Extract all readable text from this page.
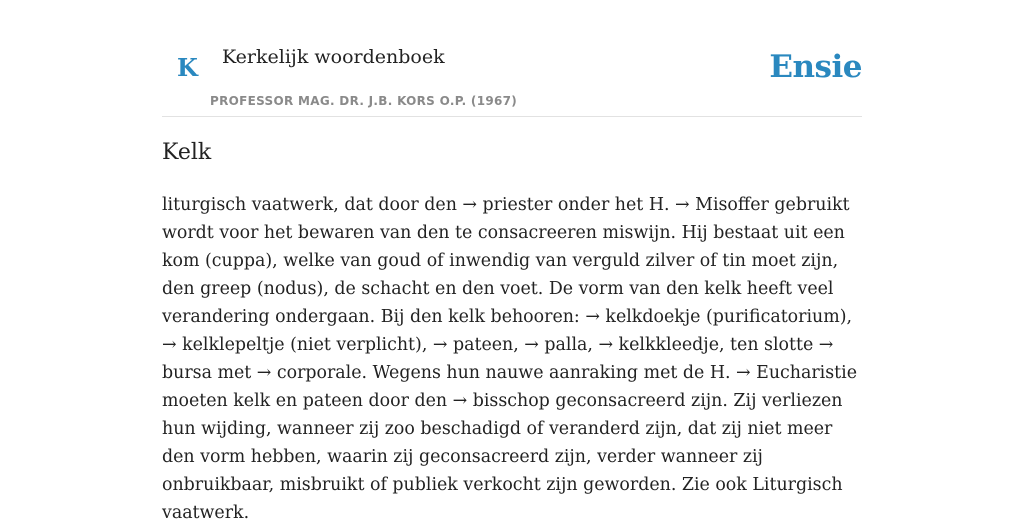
K Kerkelijk woordenboek
PROFESSOR MAG. DR. J.B. KORS O.P. (1967)
Ensie
Kelk
liturgisch vaatwerk, dat door den → priester onder het H. → Misoffer gebruikt wordt voor het bewaren van den te consacreeren miswijn. Hij bestaat uit een kom (cuppa), welke van goud of inwendig van verguld zilver of tin moet zijn, den greep (nodus), de schacht en den voet. De vorm van den kelk heeft veel verandering ondergaan. Bij den kelk behooren: → kelkdoekje (purificatorium), → kelklepeltje (niet verplicht), → pateen, → palla, → kelkkleedje, ten slotte → bursa met → corporale. Wegens hun nauwe aanraking met de H. → Eucharistie moeten kelk en pateen door den → bisschop geconsacreerd zijn. Zij verliezen hun wijding, wanneer zij zoo beschadigd of veranderd zijn, dat zij niet meer den vorm hebben, waarin zij geconsacreerd zijn, verder wanneer zij onbruikbaar, misbruikt of publiek verkocht zijn geworden. Zie ook Liturgisch vaatwerk.
